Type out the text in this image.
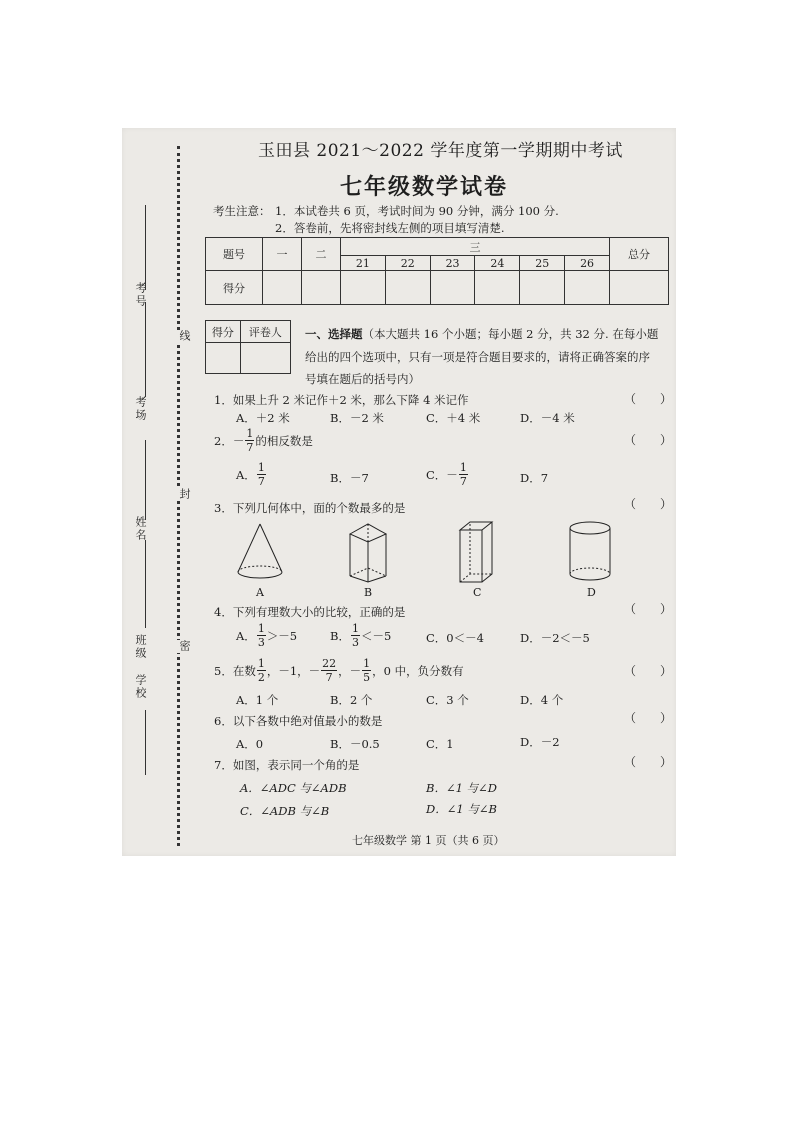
线
封
密
考号
考场
姓名
班级
学校
玉田县 2021～2022 学年度第一学期期中考试
七年级数学试卷
考生注意： 1．本试卷共 6 页，考试时间为 90 分钟，满分 100 分.
2．答卷前，先将密封线左侧的项目填写清楚.
题号	一	二	三						总分
			21	22	23	24	25	26	
得分									
得分	评卷人
	一、选择题（本大题共 16 个小题；每小题 2 分，共 32 分. 在每小题
给出的四个选项中，只有一项是符合题目要求的，请将正确答案的序
号填在题后的括号内）
1．如果上升 2 米记作＋2 米，那么下降 4 米记作	（　　）
A．＋2 米	B．－2 米	C．＋4 米	D．－4 米
2．－ $\frac{1}{7}$ 的相反数是	（　　）
A． $\frac{1}{7}$	B．－7	C．－ $\frac{1}{7}$	D．7
3．下列几何体中，面的个数最多的是	（　　）
A	B	C	D
4．下列有理数大小的比较，正确的是	（　　）
A． $\frac{1}{3} >-5$	B． $\frac{1}{3} <-5$	C．0＜－4	D．－2＜－5
5．在数 $\frac{1}{2}$ ，－1，－ $\frac{22}{7}$ ，－ $\frac{1}{5}$ ，0 中，负分数有	（　　）
A．1 个	B．2 个	C．3 个	D．4 个
6．以下各数中绝对值最小的数是	（　　）
A．0	B．－0.5	C．1	D．－2
7．如图，表示同一个角的是	（　　）
A．∠ADC 与∠ADB	B．∠1 与∠D
C．∠ADB 与∠B	D．∠1 与∠B
七年级数学 第 1 页（共 6 页）
